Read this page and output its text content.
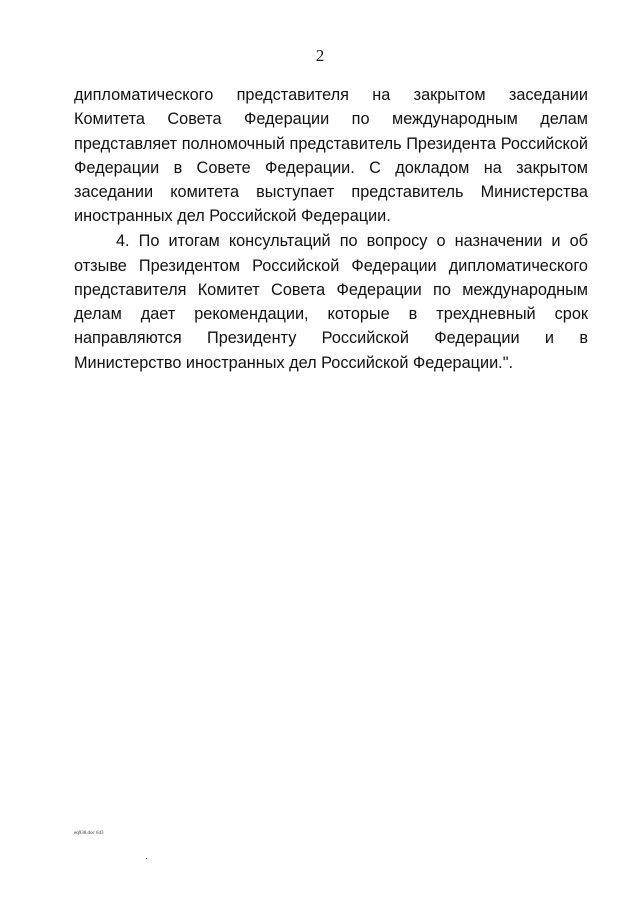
2

дипломатического представителя на закрытом заседании Комитета Совета Федерации по международным делам представляет полномочный представитель Президента Российской Федерации в Совете Федерации. С докладом на закрытом заседании комитета выступает представитель Министерства иностранных дел Российской Федерации.

4. По итогам консультаций по вопросу о назначении и об отзыве Президентом Российской Федерации дипломатического представителя Комитет Совета Федерации по международным делам дает рекомендации, которые в трехдневный срок направляются Президенту Российской Федерации и в Министерство иностранных дел Российской Федерации.".

eq938.doc 643
